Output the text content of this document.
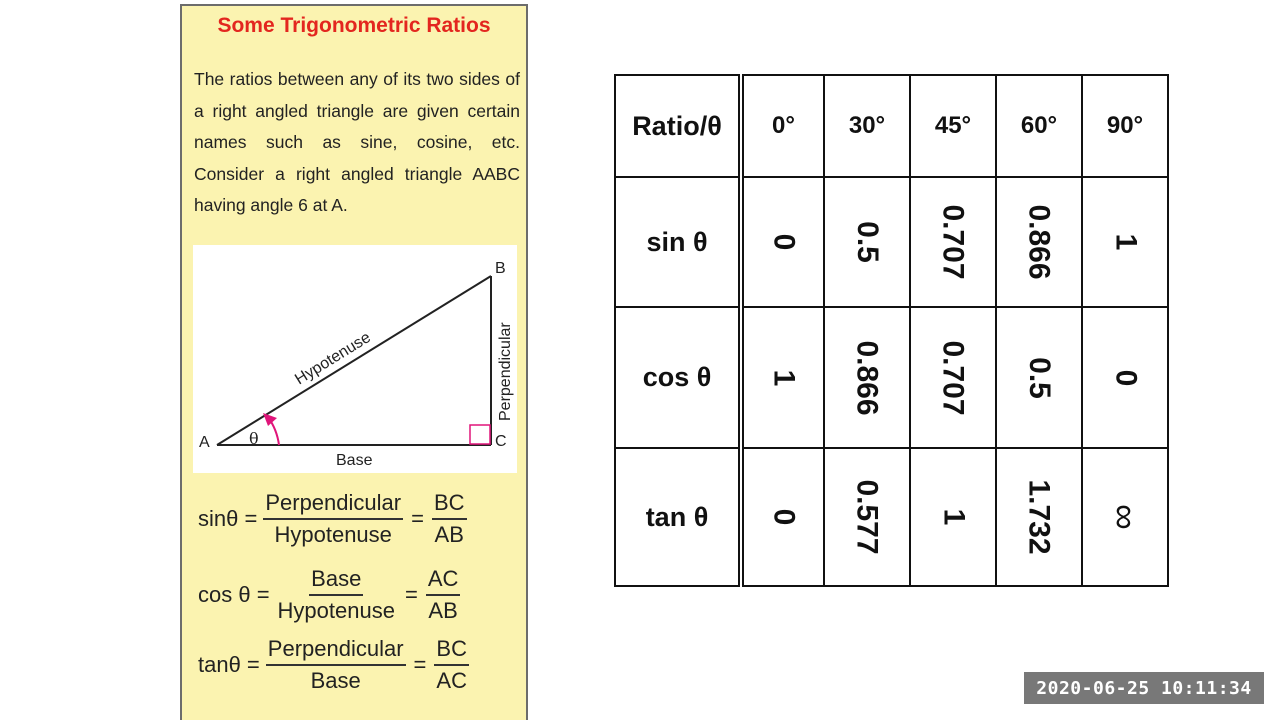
Some Trigonometric Ratios
The ratios between any of its two sides of a right angled triangle are given certain names such as sine, cosine, etc. Consider a right angled triangle AABC having angle 6 at A.
A
B
C
θ
Base
Hypotenuse	Perpendicular
$\sin\theta = \frac{\text{Perpendicular}}{\text{Hypotenuse}} = \frac{BC}{AB}$
$\cos \theta = \frac{\text{Base}}{\text{Hypotenuse}} = \frac{AC}{AB}$
$\tan\theta = \frac{\text{Perpendicular}}{\text{Base}} = \frac{BC}{AC}$
Ratio/θ	0°	30°	45°	60°	90°
sin θ	0	0.5	0.707	0.866	1
cos θ	1	0.866	0.707	0.5	0
tan θ	0	0.577	1	1.732	∞
2020-06-25 10:11:34
